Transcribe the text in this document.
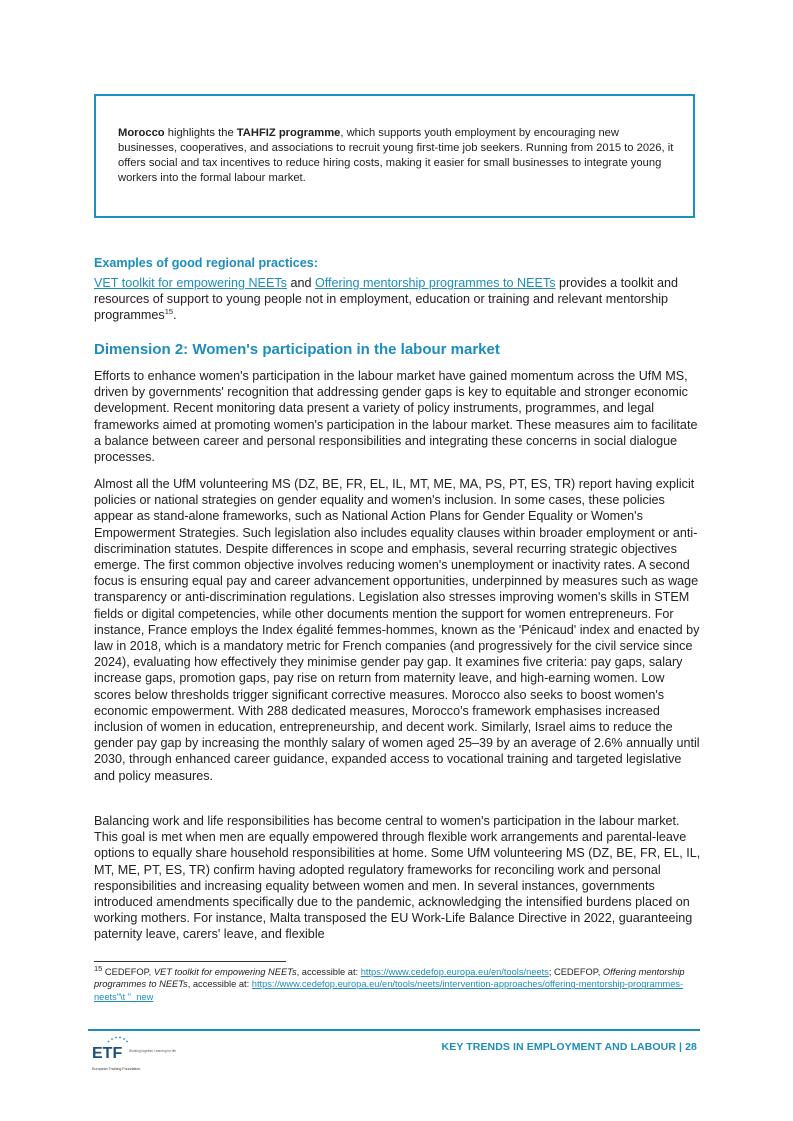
Morocco highlights the TAHFIZ programme, which supports youth employment by encouraging new businesses, cooperatives, and associations to recruit young first-time job seekers. Running from 2015 to 2026, it offers social and tax incentives to reduce hiring costs, making it easier for small businesses to integrate young workers into the formal labour market.

Examples of good regional practices:

VET toolkit for empowering NEETs and Offering mentorship programmes to NEETs provides a toolkit and resources of support to young people not in employment, education or training and relevant mentorship programmes$^{15}$.

Dimension 2: Women's participation in the labour market

Efforts to enhance women's participation in the labour market have gained momentum across the UfM MS, driven by governments' recognition that addressing gender gaps is key to equitable and stronger economic development. Recent monitoring data present a variety of policy instruments, programmes, and legal frameworks aimed at promoting women's participation in the labour market. These measures aim to facilitate a balance between career and personal responsibilities and integrating these concerns in social dialogue processes.

Almost all the UfM volunteering MS (DZ, BE, FR, EL, IL, MT, ME, MA, PS, PT, ES, TR) report having explicit policies or national strategies on gender equality and women's inclusion. In some cases, these policies appear as stand-alone frameworks, such as National Action Plans for Gender Equality or Women's Empowerment Strategies. Such legislation also includes equality clauses within broader employment or anti-discrimination statutes. Despite differences in scope and emphasis, several recurring strategic objectives emerge. The first common objective involves reducing women's unemployment or inactivity rates. A second focus is ensuring equal pay and career advancement opportunities, underpinned by measures such as wage transparency or anti-discrimination regulations. Legislation also stresses improving women's skills in STEM fields or digital competencies, while other documents mention the support for women entrepreneurs. For instance, France employs the Index égalité femmes-hommes, known as the 'Pénicaud' index and enacted by law in 2018, which is a mandatory metric for French companies (and progressively for the civil service since 2024), evaluating how effectively they minimise gender pay gap. It examines five criteria: pay gaps, salary increase gaps, promotion gaps, pay rise on return from maternity leave, and high-earning women. Low scores below thresholds trigger significant corrective measures. Morocco also seeks to boost women's economic empowerment. With 288 dedicated measures, Morocco's framework emphasises increased inclusion of women in education, entrepreneurship, and decent work. Similarly, Israel aims to reduce the gender pay gap by increasing the monthly salary of women aged 25–39 by an average of 2.6% annually until 2030, through enhanced career guidance, expanded access to vocational training and targeted legislative and policy measures.

Balancing work and life responsibilities has become central to women's participation in the labour market. This goal is met when men are equally empowered through flexible work arrangements and parental-leave options to equally share household responsibilities at home. Some UfM volunteering MS (DZ, BE, FR, EL, IL, MT, ME, PT, ES, TR) confirm having adopted regulatory frameworks for reconciling work and personal responsibilities and increasing equality between women and men. In several instances, governments introduced amendments specifically due to the pandemic, acknowledging the intensified burdens placed on working mothers. For instance, Malta transposed the EU Work-Life Balance Directive in 2022, guaranteeing paternity leave, carers' leave, and flexible

$^{15}$ CEDEFOP, VET toolkit for empowering NEETs, accessible at: https://www.cedefop.europa.eu/en/tools/neets; CEDEFOP, Offering mentorship programmes to NEETs, accessible at: https://www.cedefop.europa.eu/en/tools/neets/intervention-approaches/offering-mentorship-programmes-neets"\t "_new

ETF Working together Learning for life
European Training Foundation

KEY TRENDS IN EMPLOYMENT AND LABOUR | 28
